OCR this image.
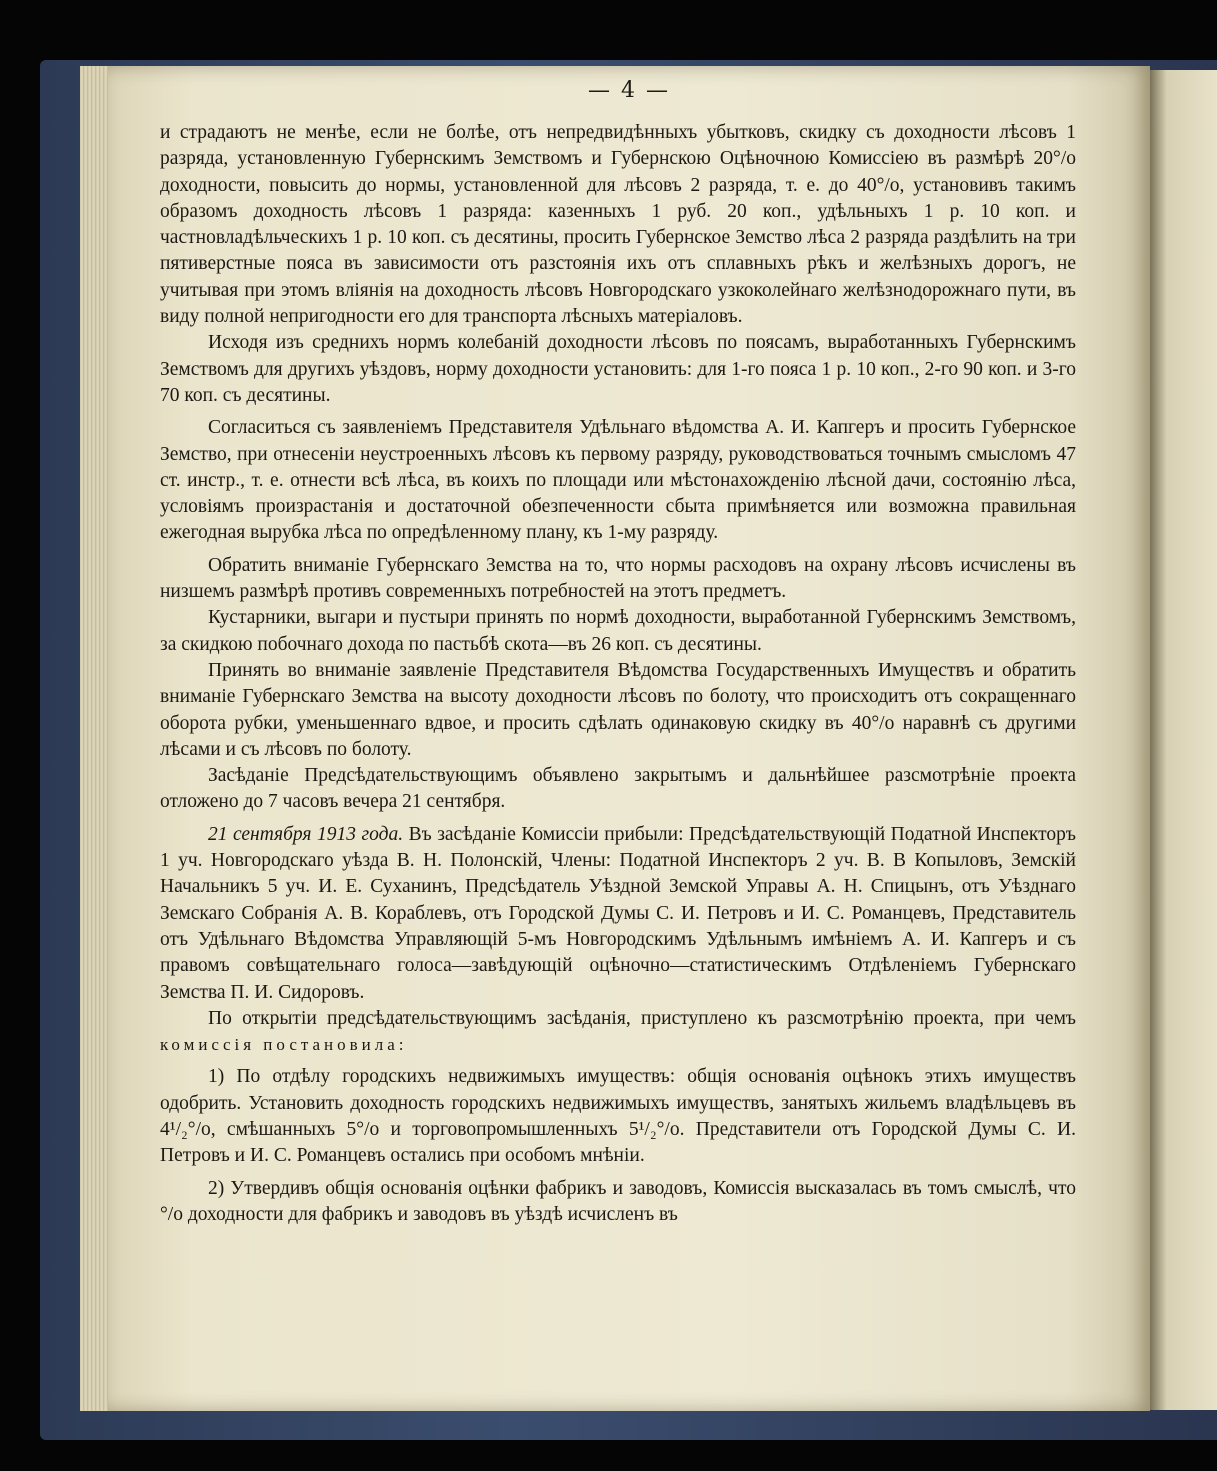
— 4 —

и страдаютъ не менѣе, если не болѣе, отъ непредвидѣнныхъ убытковъ, скидку съ доходности лѣсовъ 1 разряда, установленную Губернскимъ Земствомъ и Губернскою Оцѣночною Комиссiею въ размѣрѣ 20°/о доходности, повысить до нормы, установленной для лѣсовъ 2 разряда, т. е. до 40°/о, установивъ такимъ образомъ доходность лѣсовъ 1 разряда: казенныхъ 1 руб. 20 коп., удѣльныхъ 1 р. 10 коп. и частновладѣльческихъ 1 р. 10 коп. съ десятины, просить Губернское Земство лѣса 2 разряда раздѣлить на три пятиверстные пояса въ зависимости отъ разстоянiя ихъ отъ сплавныхъ рѣкъ и желѣзныхъ дорогъ, не учитывая при этомъ влiянiя на доходность лѣсовъ Новгородскаго узкоколейнаго желѣзнодорожнаго пути, въ виду полной непригодности его для транспорта лѣсныхъ матерiаловъ.

Исходя изъ среднихъ нормъ колебанiй доходности лѣсовъ по поясамъ, выработанныхъ Губернскимъ Земствомъ для другихъ уѣздовъ, норму доходности установить: для 1-го пояса 1 р. 10 коп., 2-го 90 коп. и 3-го 70 коп. съ десятины.

Согласиться съ заявленiемъ Представителя Удѣльнаго вѣдомства А. И. Капгеръ и просить Губернское Земство, при отнесенiи неустроенныхъ лѣсовъ къ первому разряду, руководствоваться точнымъ смысломъ 47 ст. инстр., т. е. отнести всѣ лѣса, въ коихъ по площади или мѣстонахожденiю лѣсной дачи, состоянiю лѣса, условiямъ произрастанiя и достаточной обезпеченности сбыта примѣняется или возможна правильная ежегодная вырубка лѣса по опредѣленному плану, къ 1-му разряду.

Обратить вниманiе Губернскаго Земства на то, что нормы расходовъ на охрану лѣсовъ исчислены въ низшемъ размѣрѣ противъ современныхъ потребностей на этотъ предметъ.

Кустарники, выгари и пустыри принять по нормѣ доходности, выработанной Губернскимъ Земствомъ, за скидкою побочнаго дохода по пастьбѣ скота—въ 26 коп. съ десятины.

Принять во вниманiе заявленiе Представителя Вѣдомства Государственныхъ Имуществъ и обратить вниманiе Губернскаго Земства на высоту доходности лѣсовъ по болоту, что происходитъ отъ сокращеннаго оборота рубки, уменьшеннаго вдвое, и просить сдѣлать одинаковую скидку въ 40°/о наравнѣ съ другими лѣсами и съ лѣсовъ по болоту.

Засѣданiе Предсѣдательствующимъ объявлено закрытымъ и дальнѣйшее разсмотрѣнiе проекта отложено до 7 часовъ вечера 21 сентября.

21 сентября 1913 года. Въ засѣданiе Комиссiи прибыли: Предсѣдательствующiй Податной Инспекторъ 1 уч. Новгородскаго уѣзда В. Н. Полонскiй, Члены: Податной Инспекторъ 2 уч. В. В Копыловъ, Земскiй Начальникъ 5 уч. И. Е. Суханинъ, Предсѣдатель Уѣздной Земской Управы А. Н. Спицынъ, отъ Уѣзднаго Земскаго Собранiя А. В. Кораблевъ, отъ Городской Думы С. И. Петровъ и И. С. Романцевъ, Представитель отъ Удѣльнаго Вѣдомства Управляющiй 5-мъ Новгородскимъ Удѣльнымъ имѣнiемъ А. И. Капгеръ и съ правомъ совѣщательнаго голоса—завѣдующiй оцѣночно—статистическимъ Отдѣленiемъ Губернскаго Земства П. И. Сидоровъ.

По открытiи предсѣдательствующимъ засѣданiя, приступлено къ разсмотрѣнiю проекта, при чемъ комиссiя постановила:

1) По отдѣлу городскихъ недвижимыхъ имуществъ: общiя основанiя оцѣнокъ этихъ имуществъ одобрить. Установить доходность городскихъ недвижимыхъ имуществъ, занятыхъ жильемъ владѣльцевъ въ 4¹/₂°/о, смѣшанныхъ 5°/о и торговопромышленныхъ 5¹/₂°/о. Представители отъ Городской Думы С. И. Петровъ и И. С. Романцевъ остались при особомъ мнѣнiи.

2) Утвердивъ общiя основанiя оцѣнки фабрикъ и заводовъ, Комиссiя высказалась въ томъ смыслѣ, что °/о доходности для фабрикъ и заводовъ въ уѣздѣ исчисленъ въ
